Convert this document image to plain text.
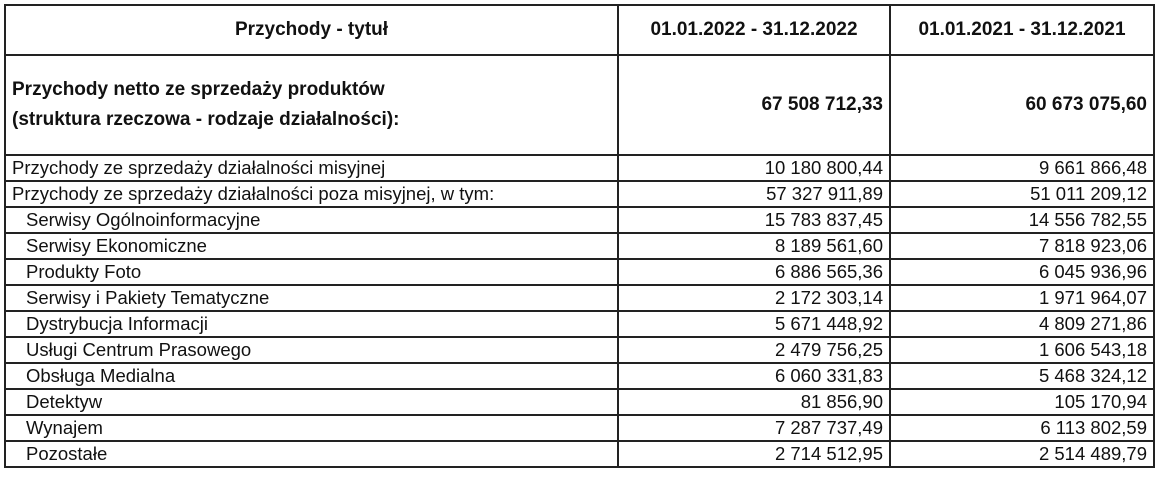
Przychody - tytuł	01.01.2022 - 31.12.2022	01.01.2021 - 31.12.2021

Przychody netto ze sprzedaży produktów
(struktura rzeczowa - rodzaje działalności):	67 508 712,33	60 673 075,60
Przychody ze sprzedaży działalności misyjnej	10 180 800,44	9 661 866,48
Przychody ze sprzedaży działalności poza misyjnej, w tym:	57 327 911,89	51 011 209,12
Serwisy Ogólnoinformacyjne	15 783 837,45	14 556 782,55
Serwisy Ekonomiczne	8 189 561,60	7 818 923,06
Produkty Foto	6 886 565,36	6 045 936,96
Serwisy i Pakiety Tematyczne	2 172 303,14	1 971 964,07
Dystrybucja Informacji	5 671 448,92	4 809 271,86
Usługi Centrum Prasowego	2 479 756,25	1 606 543,18
Obsługa Medialna	6 060 331,83	5 468 324,12
Detektyw	81 856,90	105 170,94
Wynajem	7 287 737,49	6 113 802,59
Pozostałe	2 714 512,95	2 514 489,79
